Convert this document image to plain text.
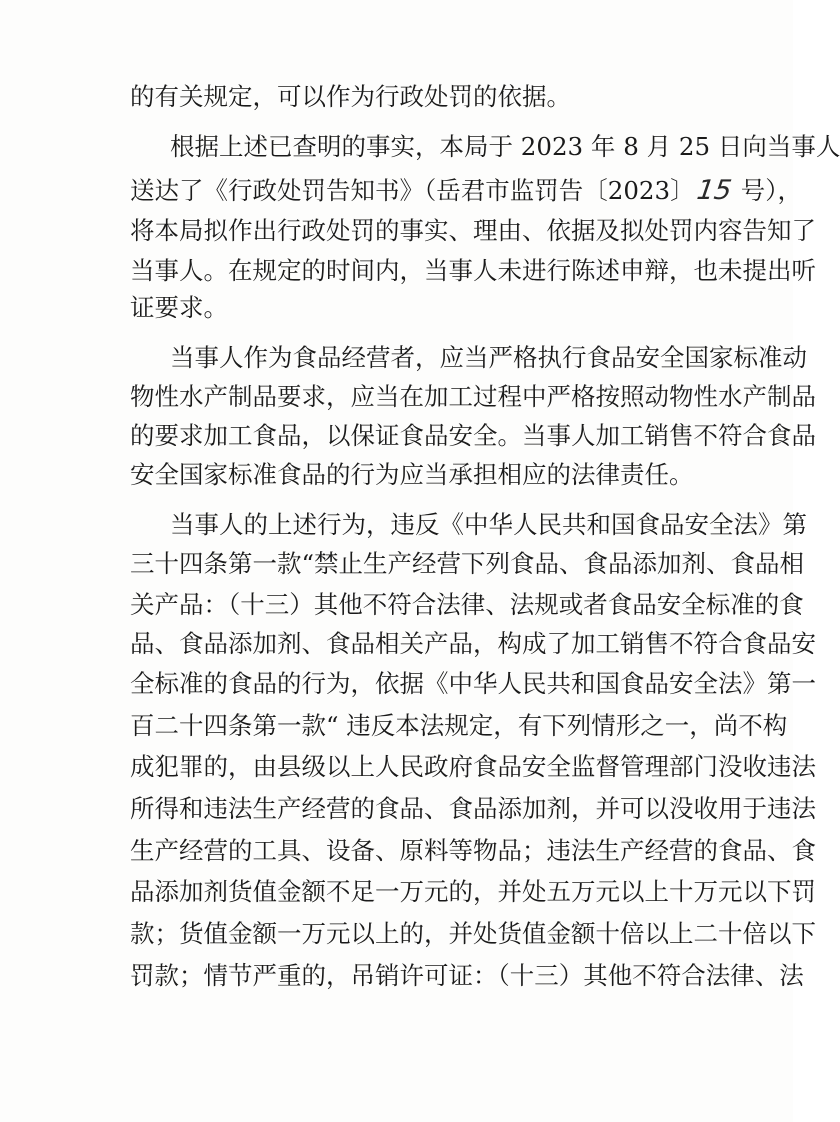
的有关规定，可以作为行政处罚的依据。
根据上述已查明的事实，本局于 2023 年 8 月 25 日向当事人
送达了《行政处罚告知书》（岳君市监罚告〔2023〕15 号），
将本局拟作出行政处罚的事实、理由、依据及拟处罚内容告知了
当事人。在规定的时间内，当事人未进行陈述申辩，也未提出听
证要求。
当事人作为食品经营者，应当严格执行食品安全国家标准动
物性水产制品要求，应当在加工过程中严格按照动物性水产制品
的要求加工食品，以保证食品安全。当事人加工销售不符合食品
安全国家标准食品的行为应当承担相应的法律责任。
当事人的上述行为，违反《中华人民共和国食品安全法》第
三十四条第一款“禁止生产经营下列食品、食品添加剂、食品相
关产品：（十三）其他不符合法律、法规或者食品安全标准的食
品、食品添加剂、食品相关产品，构成了加工销售不符合食品安
全标准的食品的行为，依据《中华人民共和国食品安全法》第一
百二十四条第一款“ 违反本法规定，有下列情形之一，尚不构
成犯罪的，由县级以上人民政府食品安全监督管理部门没收违法
所得和违法生产经营的食品、食品添加剂，并可以没收用于违法
生产经营的工具、设备、原料等物品；违法生产经营的食品、食
品添加剂货值金额不足一万元的，并处五万元以上十万元以下罚
款；货值金额一万元以上的，并处货值金额十倍以上二十倍以下
罚款；情节严重的，吊销许可证：（十三）其他不符合法律、法
